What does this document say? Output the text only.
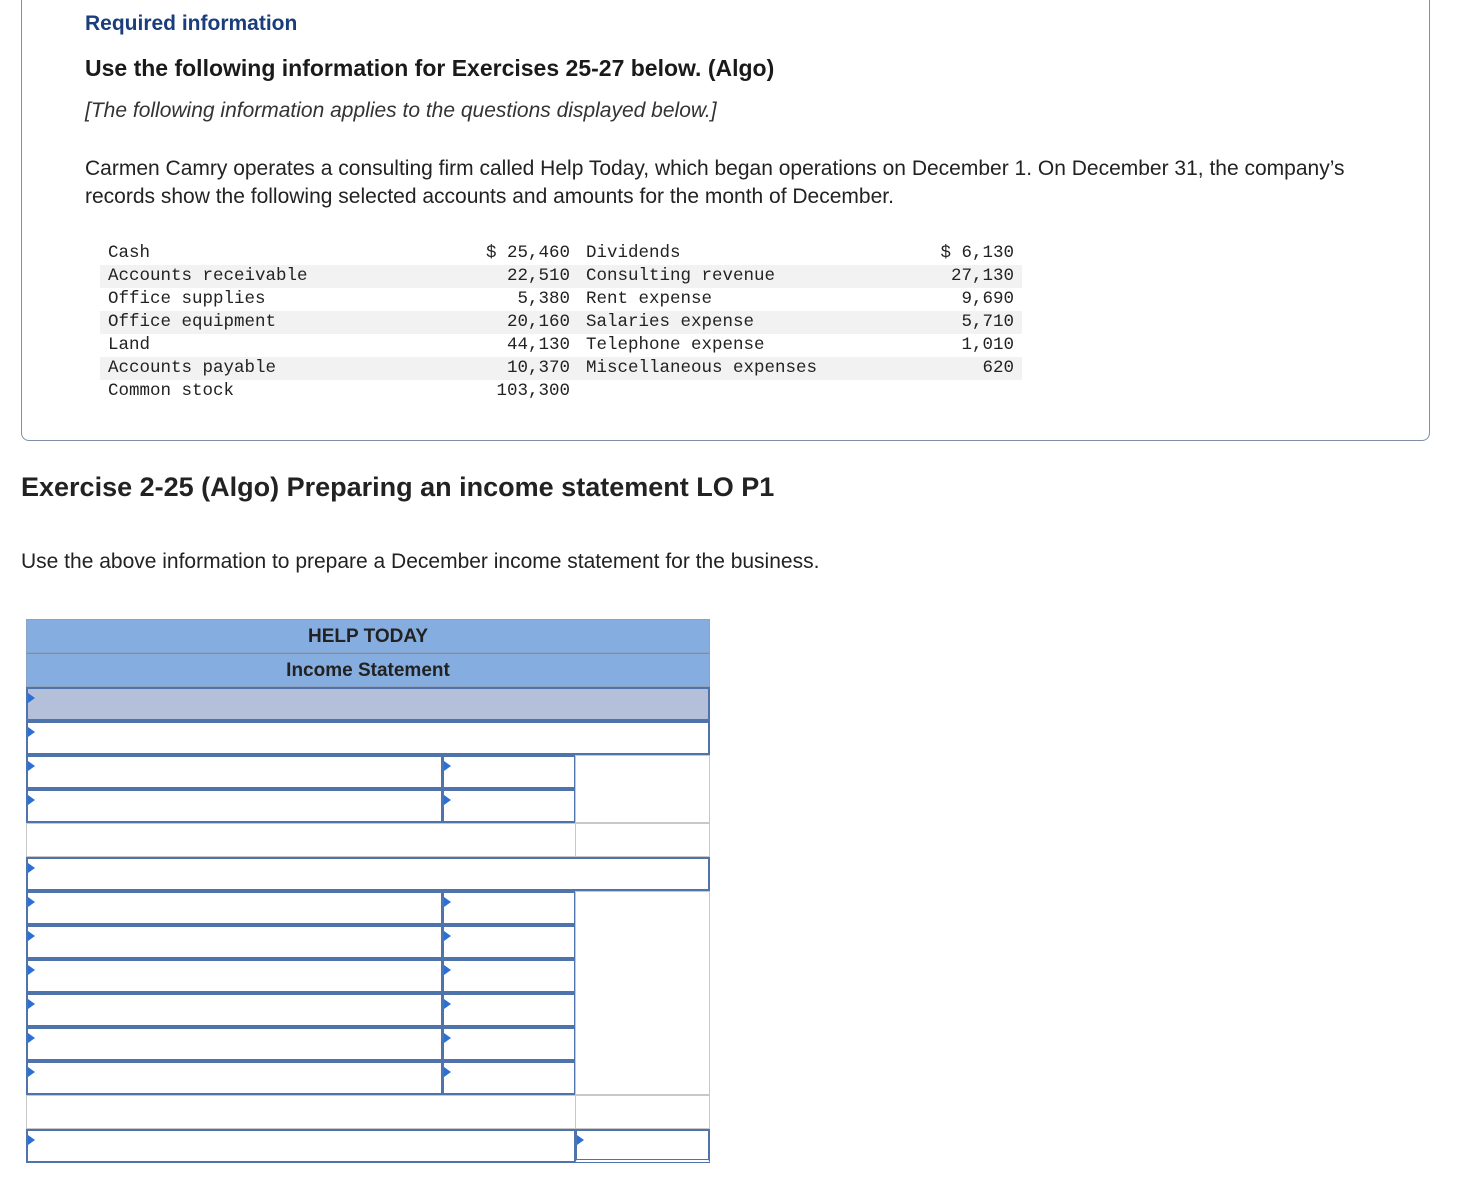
Required information
Use the following information for Exercises 25-27 below. (Algo)
[The following information applies to the questions displayed below.]
Carmen Camry operates a consulting firm called Help Today, which began operations on December 1. On December 31, the company’s records show the following selected accounts and amounts for the month of December.
Cash	$ 25,460	Dividends	$ 6,130
Accounts receivable	22,510	Consulting revenue	27,130
Office supplies	5,380	Rent expense	9,690
Office equipment	20,160	Salaries expense	5,710
Land	44,130	Telephone expense	1,010
Accounts payable	10,370	Miscellaneous expenses	620
Common stock	103,300		
Exercise 2-25 (Algo) Preparing an income statement LO P1
Use the above information to prepare a December income statement for the business.
HELP TODAY
Income Statement
